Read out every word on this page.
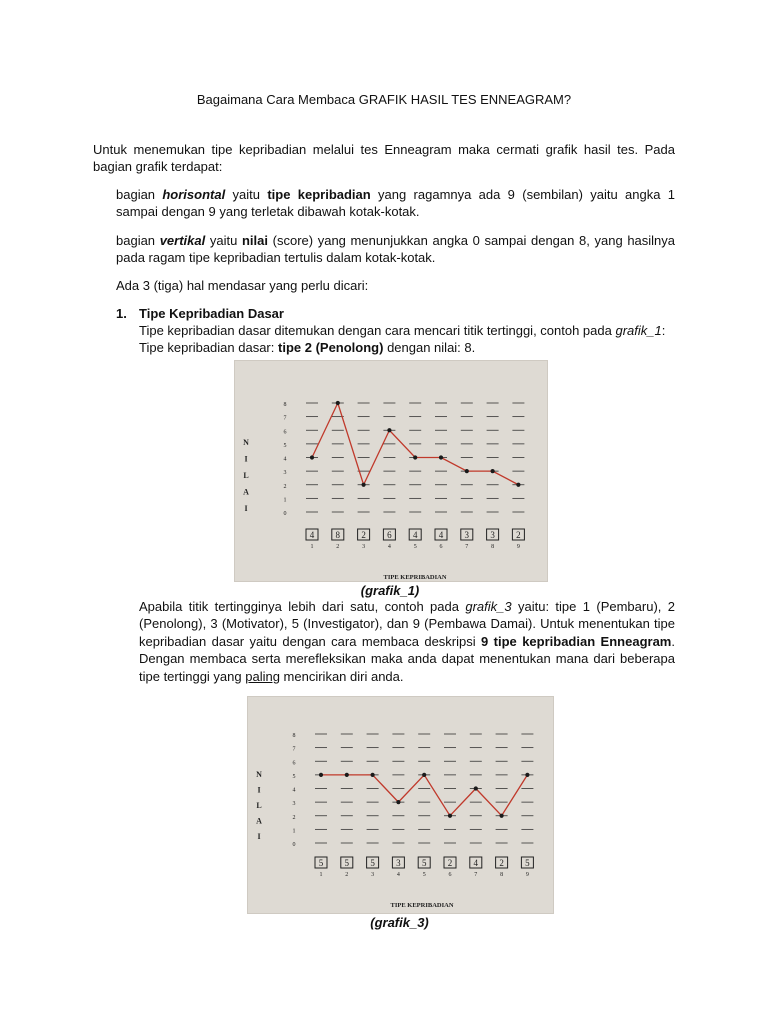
Bagaimana Cara Membaca GRAFIK HASIL TES ENNEAGRAM?

Untuk menemukan tipe kepribadian melalui tes Enneagram maka cermati grafik hasil tes. Pada bagian grafik terdapat:

bagian horisontal yaitu tipe kepribadian yang ragamnya ada 9 (sembilan) yaitu angka 1 sampai dengan 9 yang terletak dibawah kotak-kotak.

bagian vertikal yaitu nilai (score) yang menunjukkan angka 0 sampai dengan 8, yang hasilnya pada ragam tipe kepribadian tertulis dalam kotak-kotak.

Ada 3 (tiga) hal mendasar yang perlu dicari:

1. Tipe Kepribadian Dasar

Tipe kepribadian dasar ditemukan dengan cara mencari titik tertinggi, contoh pada grafik_1:
Tipe kepribadian dasar: tipe 2 (Penolong) dengan nilai: 8.

0
1
2
3
4
5
6
7
8
N
I
L
A
I
4
1
8
2
2
3
6
4
4
5
4
6
3
7
3
8
2
9
TIPE KEPRIBADIAN
(grafik_1)

Apabila titik tertingginya lebih dari satu, contoh pada grafik_3 yaitu: tipe 1 (Pembaru), 2 (Penolong), 3 (Motivator), 5 (Investigator), dan 9 (Pembawa Damai). Untuk menentukan tipe kepribadian dasar yaitu dengan cara membaca deskripsi 9 tipe kepribadian Enneagram. Dengan membaca serta merefleksikan maka anda dapat menentukan mana dari beberapa tipe tertinggi yang paling mencirikan diri anda.

0
1
2
3
4
5
6
7
8
N
I
L
A
I
5
1
5
2
5
3
3
4
5
5
2
6
4
7
2
8
5
9
TIPE KEPRIBADIAN
(grafik_3)
